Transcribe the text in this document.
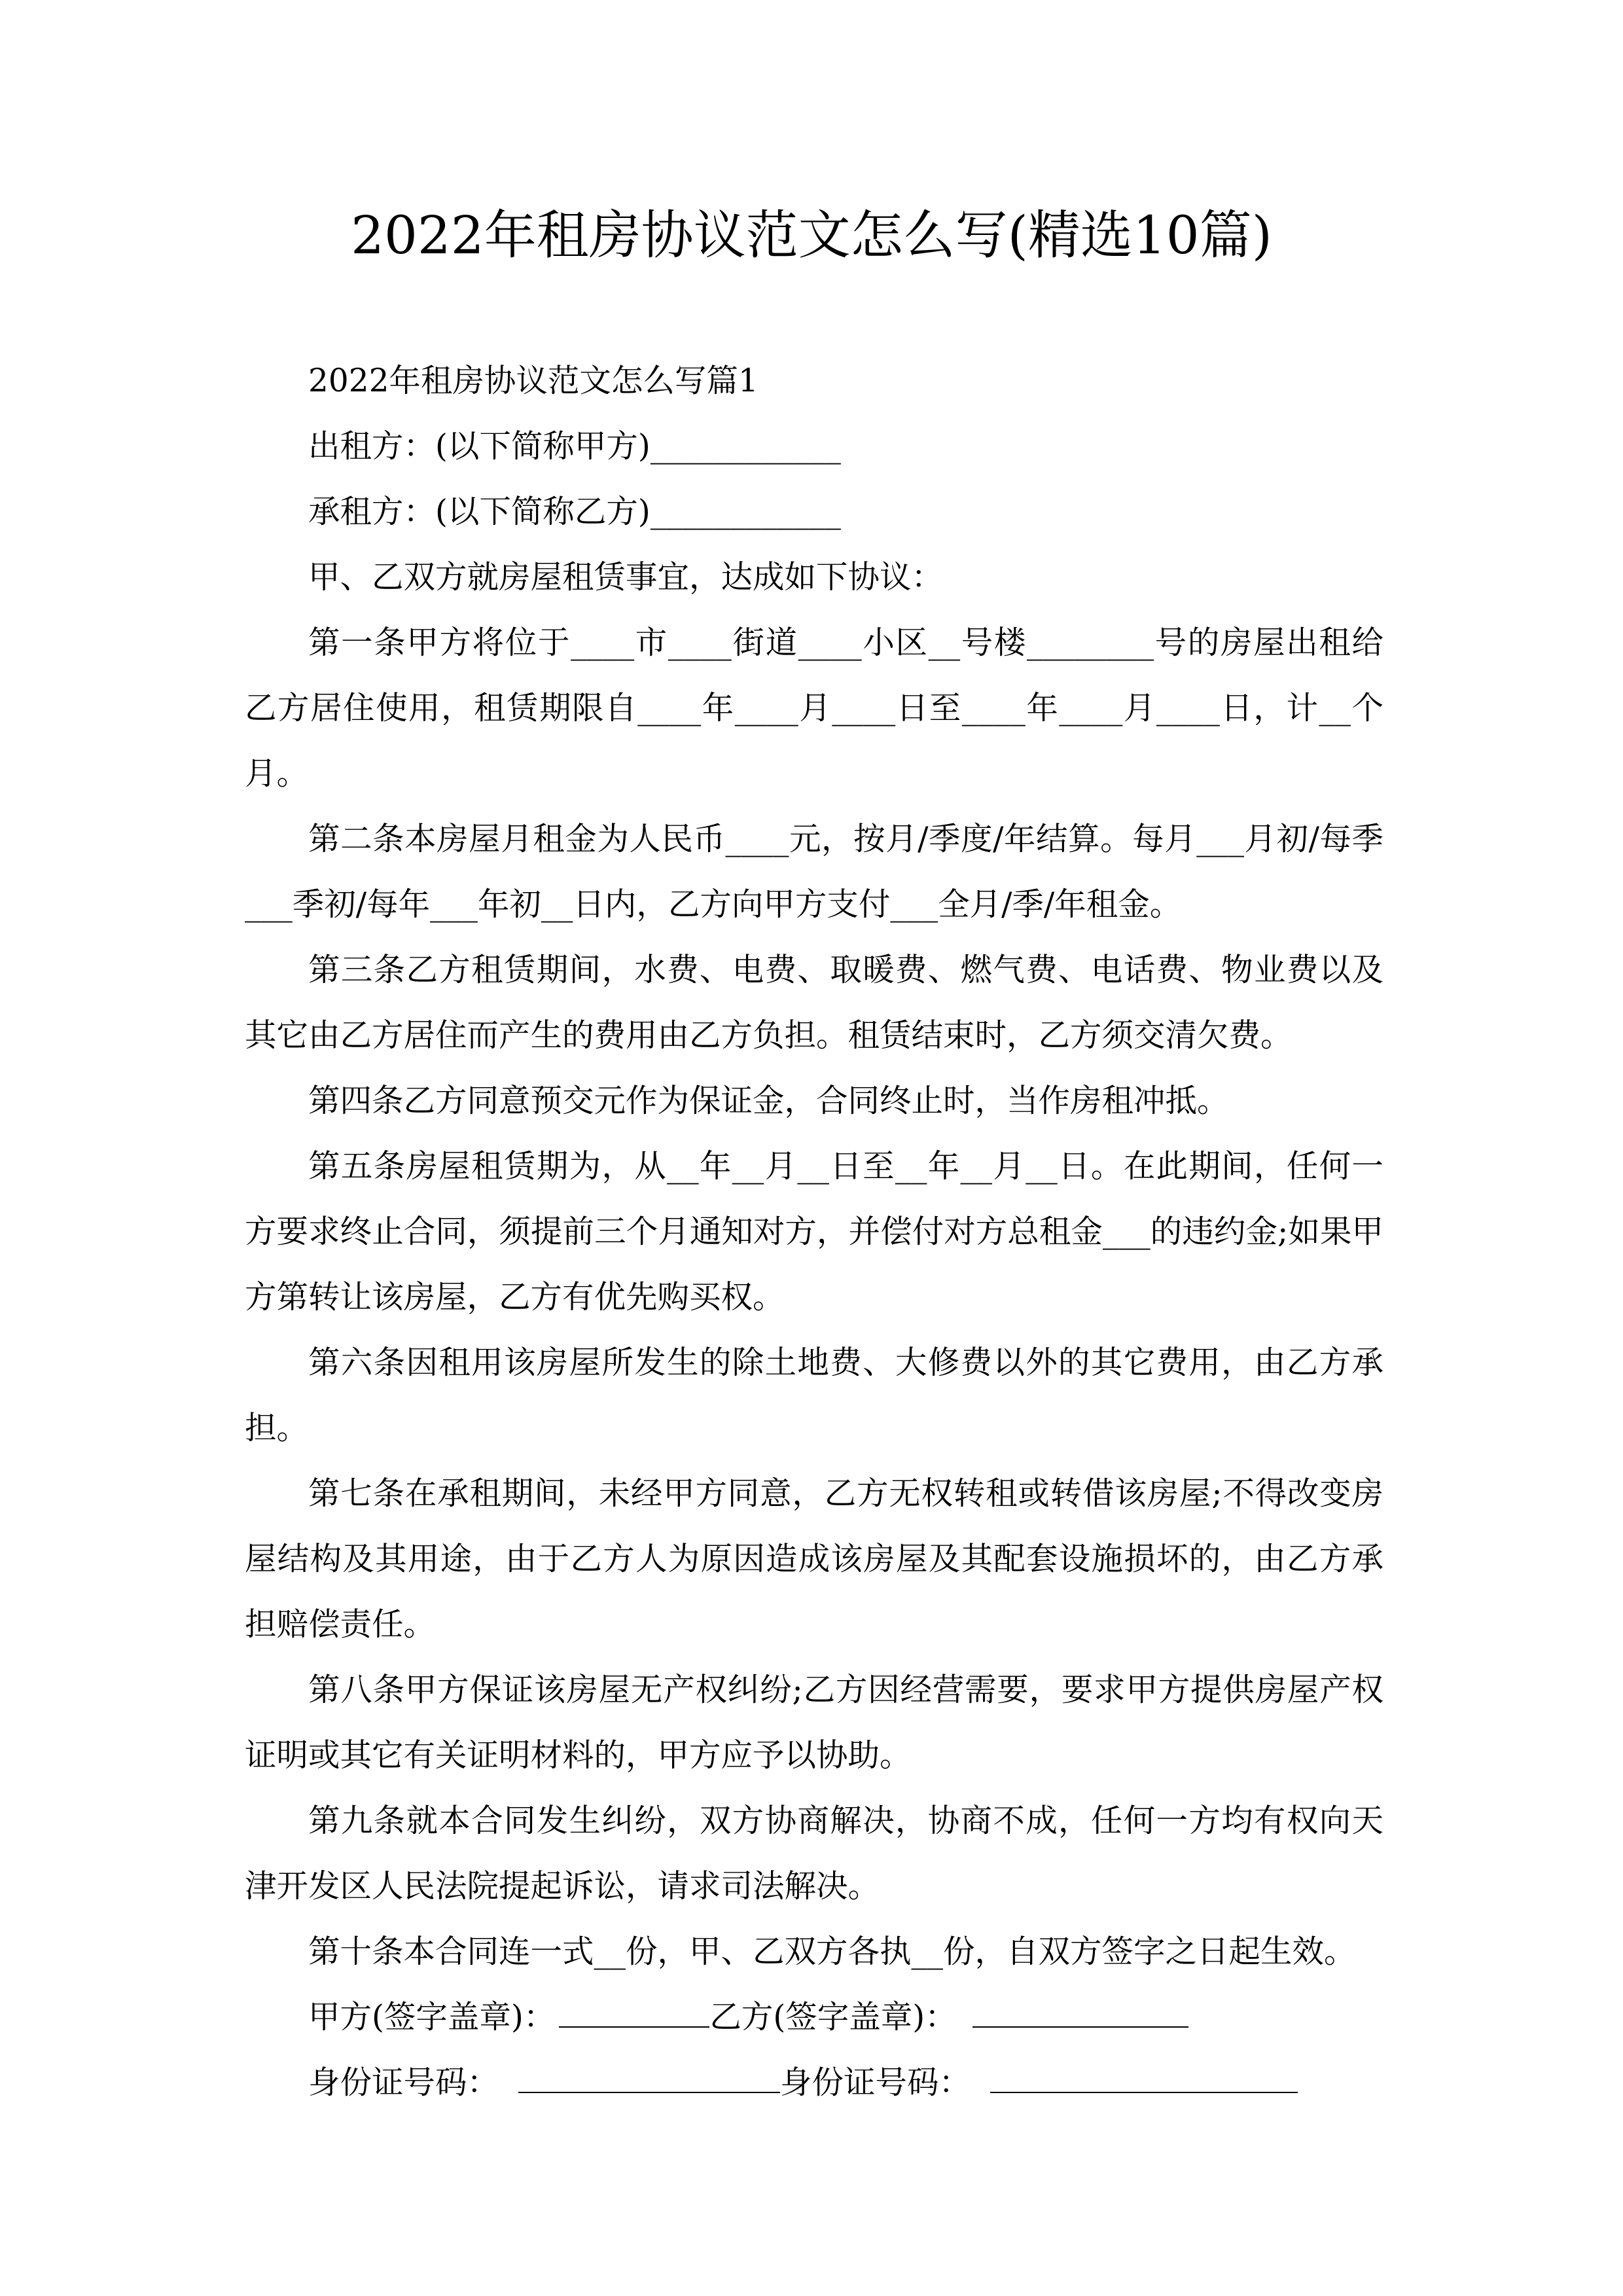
2022年租房协议范文怎么写(精选10篇)

2022年租房协议范文怎么写篇1

出租方：(以下简称甲方)____________

承租方：(以下简称乙方)____________

甲、乙双方就房屋租赁事宜，达成如下协议：

第一条甲方将位于____市____街道____小区__号楼________号的房屋出租给乙方居住使用，租赁期限自____年____月____日至____年____月____日，计__个月。

第二条本房屋月租金为人民币____元，按月/季度/年结算。每月___月初/每季___季初/每年___年初__日内，乙方向甲方支付___全月/季/年租金。

第三条乙方租赁期间，水费、电费、取暖费、燃气费、电话费、物业费以及其它由乙方居住而产生的费用由乙方负担。租赁结束时，乙方须交清欠费。

第四条乙方同意预交元作为保证金，合同终止时，当作房租冲抵。

第五条房屋租赁期为，从__年__月__日至__年__月__日。在此期间，任何一方要求终止合同，须提前三个月通知对方，并偿付对方总租金___的违约金;如果甲方第转让该房屋，乙方有优先购买权。

第六条因租用该房屋所发生的除土地费、大修费以外的其它费用，由乙方承担。

第七条在承租期间，未经甲方同意，乙方无权转租或转借该房屋;不得改变房屋结构及其用途，由于乙方人为原因造成该房屋及其配套设施损坏的，由乙方承担赔偿责任。

第八条甲方保证该房屋无产权纠纷;乙方因经营需要，要求甲方提供房屋产权证明或其它有关证明材料的，甲方应予以协助。

第九条就本合同发生纠纷，双方协商解决，协商不成，任何一方均有权向天津开发区人民法院提起诉讼，请求司法解决。

第十条本合同连一式__份，甲、乙双方各执__份，自双方签字之日起生效。

甲方(签字盖章)：	乙方(签字盖章)：

身份证号码：	身份证号码：
